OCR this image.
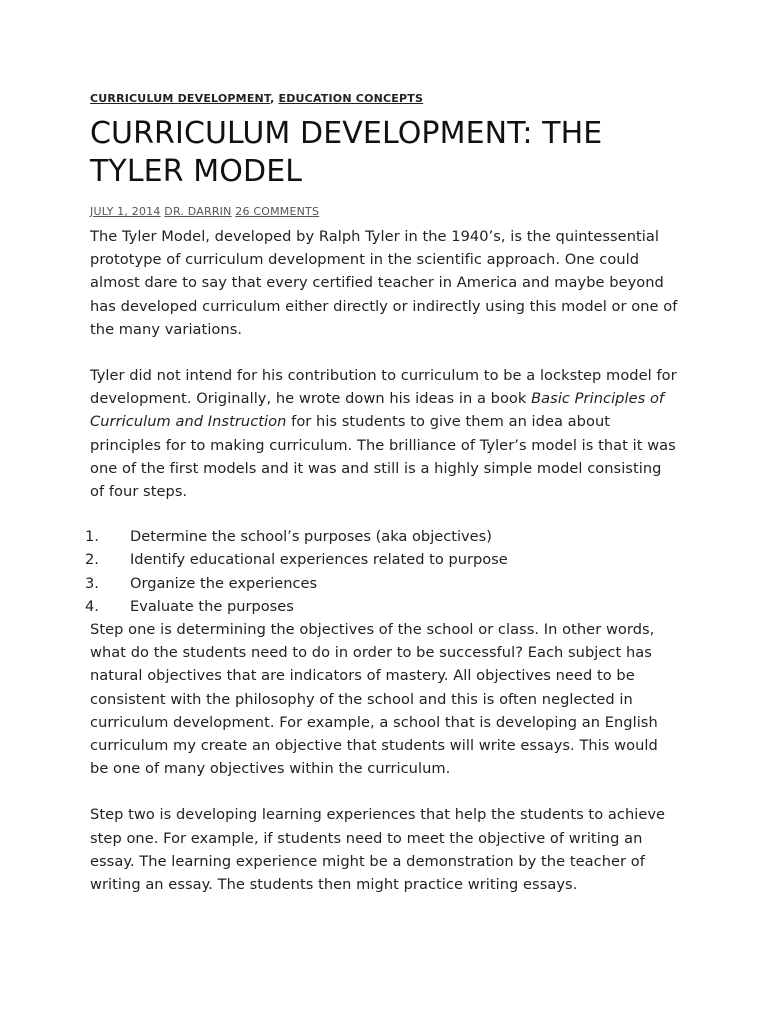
CURRICULUM DEVELOPMENT, EDUCATION CONCEPTS

CURRICULUM DEVELOPMENT: THE TYLER MODEL
JULY 1, 2014 DR. DARRIN 26 COMMENTS

The Tyler Model, developed by Ralph Tyler in the 1940’s, is the quintessential prototype of curriculum development in the scientific approach. One could almost dare to say that every certified teacher in America and maybe beyond has developed curriculum either directly or indirectly using this model or one of the many variations.

Tyler did not intend for his contribution to curriculum to be a lockstep model for development. Originally, he wrote down his ideas in a book Basic Principles of Curriculum and Instruction for his students to give them an idea about principles for to making curriculum. The brilliance of Tyler’s model is that it was one of the first models and it was and still is a highly simple model consisting of four steps.

1.	Determine the school’s purposes (aka objectives)
2.	Identify educational experiences related to purpose
3.	Organize the experiences
4.	Evaluate the purposes

Step one is determining the objectives of the school or class. In other words, what do the students need to do in order to be successful? Each subject has natural objectives that are indicators of mastery. All objectives need to be consistent with the philosophy of the school and this is often neglected in curriculum development. For example, a school that is developing an English curriculum my create an objective that students will write essays. This would be one of many objectives within the curriculum.

Step two is developing learning experiences that help the students to achieve step one. For example, if students need to meet the objective of writing an essay. The learning experience might be a demonstration by the teacher of writing an essay. The students then might practice writing essays.
